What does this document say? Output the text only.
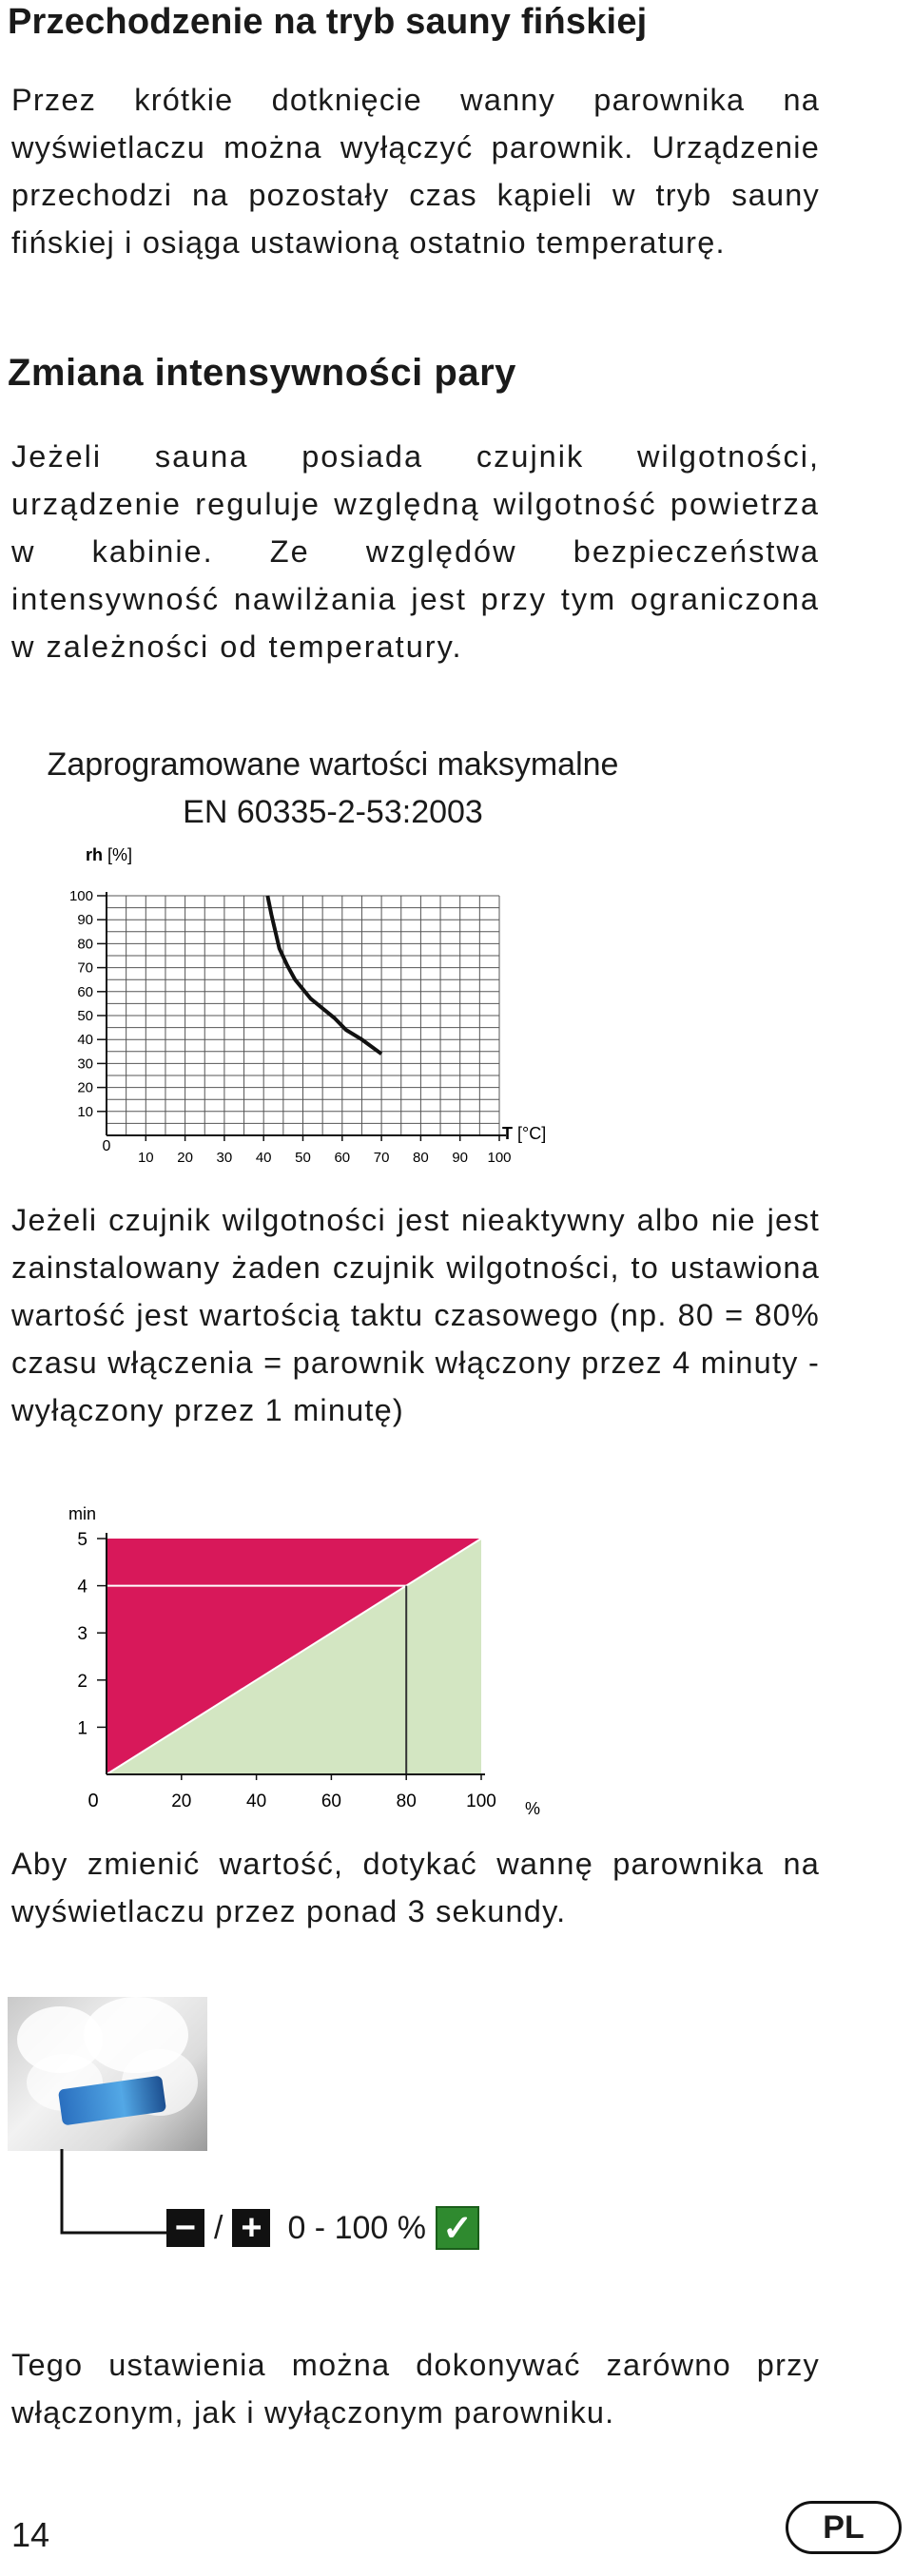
Przechodzenie na tryb sauny fińskiej
Przez krótkie dotknięcie wanny parownika na wyświetlaczu można wyłączyć parownik. Urządzenie przechodzi na pozostały czas kąpieli w tryb sauny fińskiej i osiąga ustawioną ostatnio temperaturę.
Zmiana intensywności pary
Jeżeli sauna posiada czujnik wilgotności, urządzenie reguluje względną wilgotność powietrza w kabinie. Ze względów bezpieczeństwa intensywność nawilżania jest przy tym ograniczona w zależności od temperatury.
Zaprogramowane wartości maksymalne
EN 60335-2-53:2003
rh [%]
T [°C]
0
10 20 30 40 50 60 70 80 90 100
10
20
30
40
50
60
70
80
90
100
Jeżeli czujnik wilgotności jest nieaktywny albo nie jest zainstalowany żaden czujnik wilgotności, to ustawiona wartość jest wartością taktu czasowego (np. 80 = 80% czasu włączenia = parownik włączony przez 4 minuty - wyłączony przez 1 minutę)
min
%
0	20	40	60	80	100
1
2
3
4
5
Aby zmienić wartość, dotykać wannę parownika na wyświetlaczu przez ponad 3 sekundy.
− / + 0 - 100 % ✓
Tego ustawienia można dokonywać zarówno przy włączonym, jak i wyłączonym parowniku.
14	PL
